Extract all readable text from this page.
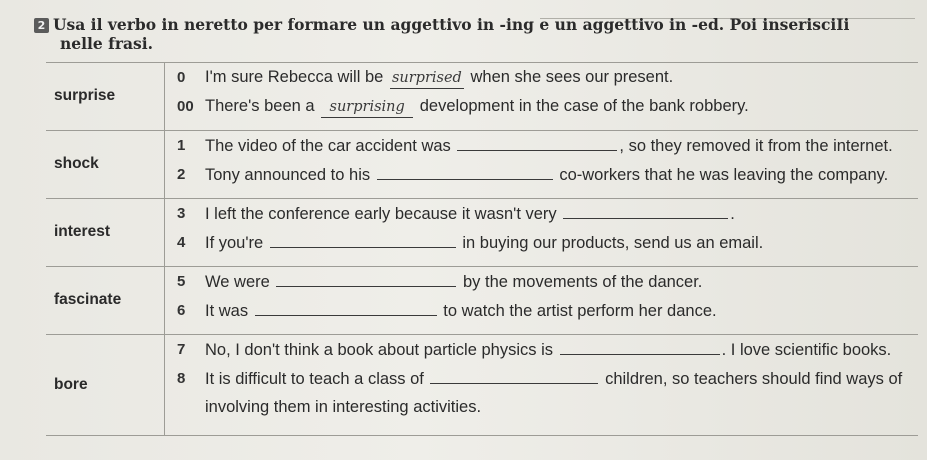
2 Usa il verbo in neretto per formare un aggettivo in -ing e un aggettivo in -ed. Poi inserisciIi
nelle frasi.
surprise	0 I'm sure Rebecca will be surprised when she sees our present.
00 There's been a surprising development in the case of the bank robbery.

shock	1 The video of the car accident was , so they removed it from the internet.
2 Tony announced to his co-workers that he was leaving the company.

interest	3 I left the conference early because it wasn't very .
4 If you're in buying our products, send us an email.

fascinate	5 We were by the movements of the dancer.
6 It was to watch the artist perform her dance.

bore	7 No, I don't think a book about particle physics is . I love scientific books.
8 It is difficult to teach a class of children, so teachers should find ways of
involving them in interesting activities.
